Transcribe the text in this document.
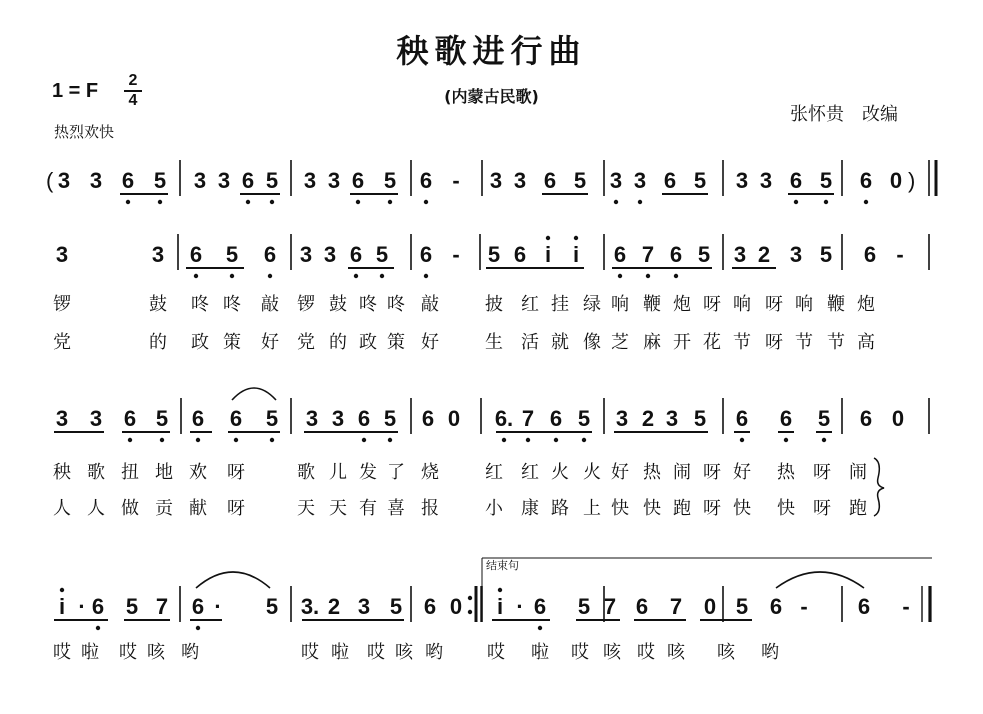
秧歌进行曲
(内蒙古民歌)
1 = F 2
4
热烈欢快
张怀贵 改编
3 3 6 5 3 3 6 5 3 3 6 5 6 - 3 3 6 5 3 3 6 5 3 3 6 5 6 0
3	3 6 5 6 3 3 6 5 6 - 5 6 i i 6 7 6 5 3 2 3 5 6 -
3 3 6 5 6 6 5 3 3 6 5 6 0 6. 7 6 5 3 2 3 5 6 6 5 6 0
i · 6 5 7 6 · 5 3. 2 3 5 6 0 i · 6 5 7 6 7 0 5 6 - 6 -
(	)
结束句
锣	鼓 咚 咚 敲 锣 鼓 咚 咚 敲	披 红 挂 绿 响 鞭 炮 呀 响 呀 响 鞭 炮
党	的 政 策 好 党 的 政 策 好	生 活 就 像 芝 麻 开 花 节 呀 节 节 高
秧 歌 扭 地 欢 呀	歌 儿 发 了 烧	红 红 火 火 好 热 闹 呀 好 热 呀 闹
人 人 做 贡 献 呀	天 天 有 喜 报	小 康 路 上 快 快 跑 呀 快 快 呀 跑
哎 啦 哎 咳 哟	哎 啦 哎 咳 哟 哎 啦 哎 咳 哎 咳 咳 哟
